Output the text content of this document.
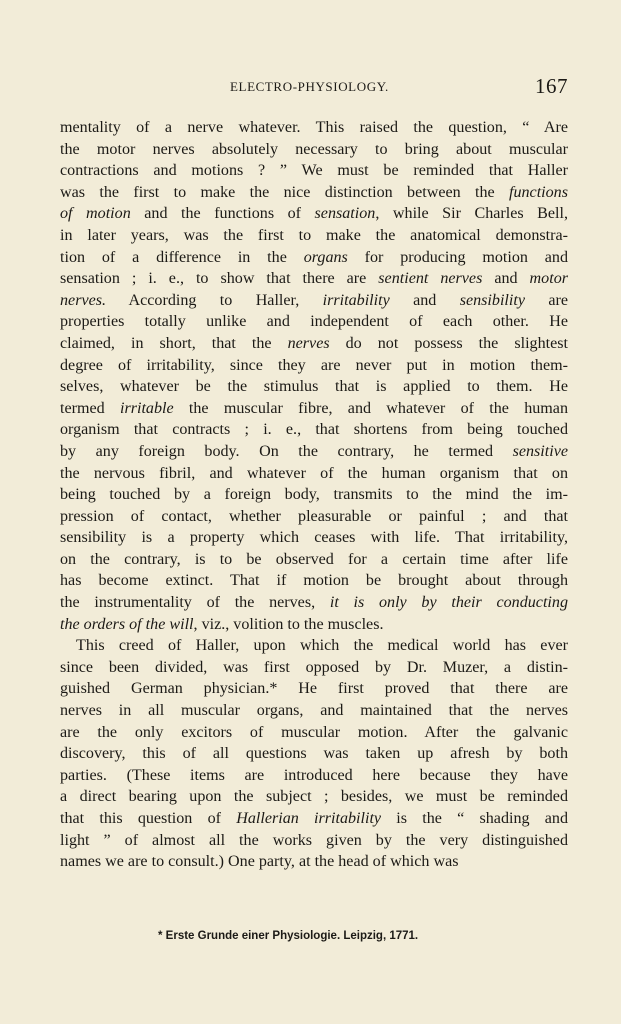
ELECTRO-PHYSIOLOGY.	167
mentality of a nerve whatever. This raised the question, “ Are
the motor nerves absolutely necessary to bring about muscular
contractions and motions ? ” We must be reminded that Haller
was the first to make the nice distinction between the functions
of motion and the functions of sensation, while Sir Charles Bell,
in later years, was the first to make the anatomical demonstra-
tion of a difference in the organs for producing motion and
sensation ; i. e., to show that there are sentient nerves and motor
nerves. According to Haller, irritability and sensibility are
properties totally unlike and independent of each other. He
claimed, in short, that the nerves do not possess the slightest
degree of irritability, since they are never put in motion them-
selves, whatever be the stimulus that is applied to them. He
termed irritable the muscular fibre, and whatever of the human
organism that contracts ; i. e., that shortens from being touched
by any foreign body. On the contrary, he termed sensitive
the nervous fibril, and whatever of the human organism that on
being touched by a foreign body, transmits to the mind the im-
pression of contact, whether pleasurable or painful ; and that
sensibility is a property which ceases with life. That irritability,
on the contrary, is to be observed for a certain time after life
has become extinct. That if motion be brought about through
the instrumentality of the nerves, it is only by their conducting
the orders of the will, viz., volition to the muscles.
This creed of Haller, upon which the medical world has ever
since been divided, was first opposed by Dr. Muzer, a distin-
guished German physician.* He first proved that there are
nerves in all muscular organs, and maintained that the nerves
are the only excitors of muscular motion. After the galvanic
discovery, this of all questions was taken up afresh by both
parties. (These items are introduced here because they have
a direct bearing upon the subject ; besides, we must be reminded
that this question of Hallerian irritability is the “ shading and
light ” of almost all the works given by the very distinguished
names we are to consult.) One party, at the head of which was
* Erste Grunde einer Physiologie. Leipzig, 1771.
